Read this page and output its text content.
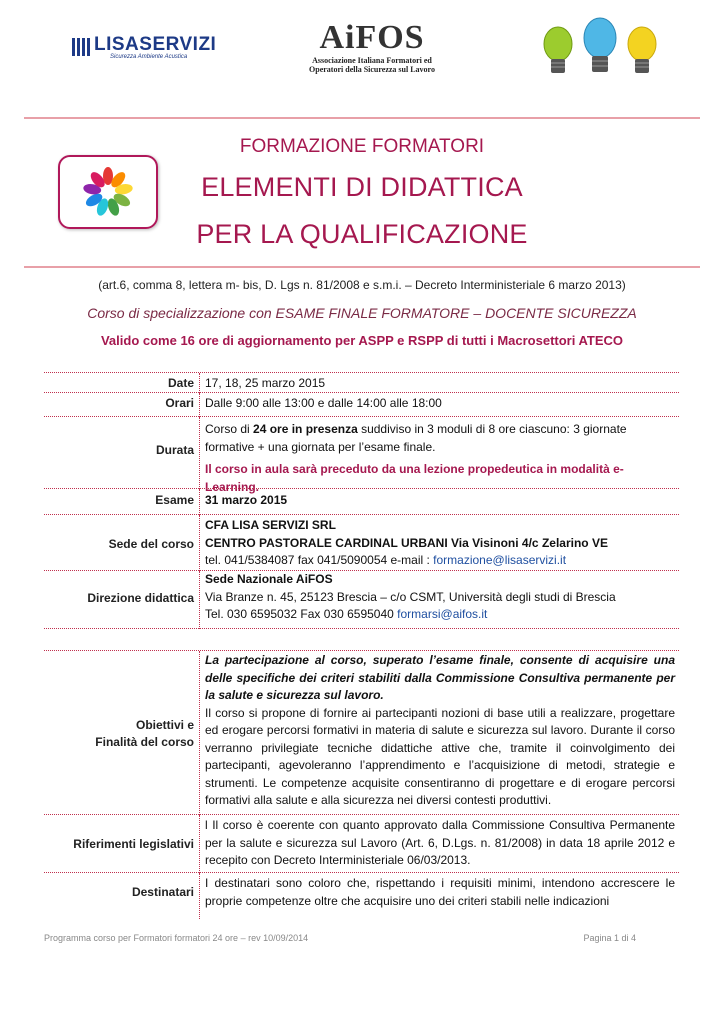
LISASERVIZI
Sicurezza Ambiente Acustica
AiFOS
Associazione Italiana Formatori ed
Operatori della Sicurezza sul Lavoro
FORMAZIONE FORMATORI
ELEMENTI DI DIDATTICA
PER LA QUALIFICAZIONE
(art.6, comma 8, lettera m- bis, D. Lgs n. 81/2008 e s.m.i. – Decreto Interministeriale 6 marzo 2013)
Corso di specializzazione con ESAME FINALE FORMATORE – DOCENTE SICUREZZA
Valido come 16 ore di aggiornamento per ASPP e RSPP di tutti i Macrosettori ATECO
Date 17, 18, 25 marzo 2015
Orari Dalle 9:00 alle 13:00 e dalle 14:00 alle 18:00
Durata
Corso di 24 ore in presenza suddiviso in 3 moduli di 8 ore ciascuno: 3 giornate formative + una giornata per l’esame finale.
Il corso in aula sarà preceduto da una lezione propedeutica in modalità e-Learning.
Esame 31 marzo 2015
Sede del corso
CFA LISA SERVIZI SRL
CENTRO PASTORALE CARDINAL URBANI Via Visinoni 4/c Zelarino VE
tel. 041/5384087 fax 041/5090054 e-mail : formazione@lisaservizi.it
Direzione didattica
Sede Nazionale AiFOS
Via Branze n. 45, 25123 Brescia – c/o CSMT, Università degli studi di Brescia
Tel. 030 6595032 Fax 030 6595040 formarsi@aifos.it
Obiettivi e
Finalità del corso
La partecipazione al corso, superato l’esame finale, consente di acquisire una delle specifiche dei criteri stabiliti dalla Commissione Consultiva permanente per la salute e sicurezza sul lavoro.
Il corso si propone di fornire ai partecipanti nozioni di base utili a realizzare, progettare ed erogare percorsi formativi in materia di salute e sicurezza sul lavoro. Durante il corso verranno privilegiate tecniche didattiche attive che, tramite il coinvolgimento dei partecipanti, agevoleranno l’apprendimento e l’acquisizione di metodi, strategie e strumenti. Le competenze acquisite consentiranno di progettare e di erogare percorsi formativi alla salute e alla sicurezza nei diversi contesti produttivi.
Riferimenti legislativi
l Il corso è coerente con quanto approvato dalla Commissione Consultiva Permanente per la salute e sicurezza sul Lavoro (Art. 6, D.Lgs. n. 81/2008) in data 18 aprile 2012 e recepito con Decreto Interministeriale 06/03/2013.
Destinatari
I destinatari sono coloro che, rispettando i requisiti minimi, intendono accrescere le proprie competenze oltre che acquisire uno dei criteri stabili nelle indicazioni
Programma corso per Formatori formatori 24 ore – rev 10/09/2014	Pagina 1 di 4
